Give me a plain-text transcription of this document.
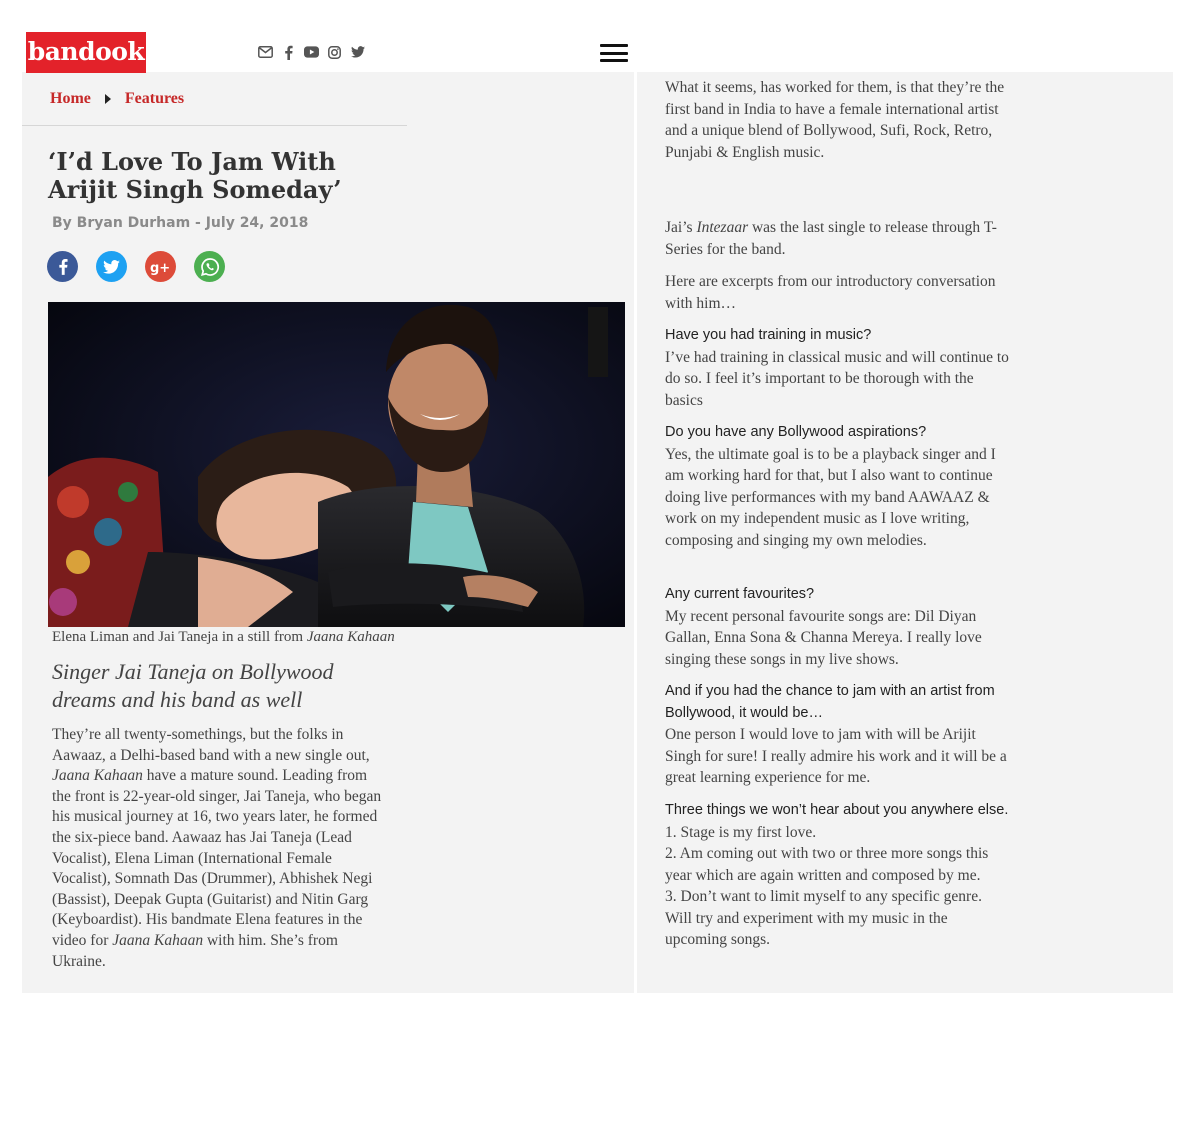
bandook
Home Features
‘I’d Love To Jam With Arijit Singh Someday’
By Bryan Durham - July 24, 2018
g+
Elena Liman and Jai Taneja in a still from Jaana Kahaan
Singer Jai Taneja on Bollywood dreams and his band as well

They’re all twenty-somethings, but the folks in Aawaaz, a Delhi-based band with a new single out, Jaana Kahaan have a mature sound. Leading from the front is 22-year-old singer, Jai Taneja, who began his musical journey at 16, two years later, he formed the six-piece band. Aawaaz has Jai Taneja (Lead Vocalist), Elena Liman (International Female Vocalist), Somnath Das (Drummer), Abhishek Negi (Bassist), Deepak Gupta (Guitarist) and Nitin Garg (Keyboardist). His bandmate Elena features in the video for Jaana Kahaan with him. She’s from Ukraine.

What it seems, has worked for them, is that they’re the first band in India to have a female international artist and a unique blend of Bollywood, Sufi, Rock, Retro, Punjabi & English music.

Jai’s Intezaar was the last single to release through T-Series for the band.

Here are excerpts from our introductory conversation with him…

Have you had training in music?
I’ve had training in classical music and will continue to do so. I feel it’s important to be thorough with the basics

Do you have any Bollywood aspirations?
Yes, the ultimate goal is to be a playback singer and I am working hard for that, but I also want to continue doing live performances with my band AAWAAZ & work on my independent music as I love writing, composing and singing my own melodies.

Any current favourites?
My recent personal favourite songs are: Dil Diyan Gallan, Enna Sona & Channa Mereya. I really love singing these songs in my live shows.

And if you had the chance to jam with an artist from Bollywood, it would be…
One person I would love to jam with will be Arijit Singh for sure! I really admire his work and it will be a great learning experience for me.

Three things we won’t hear about you anywhere else.
1. Stage is my first love.
2. Am coming out with two or three more songs this year which are again written and composed by me.
3. Don’t want to limit myself to any specific genre. Will try and experiment with my music in the upcoming songs.
